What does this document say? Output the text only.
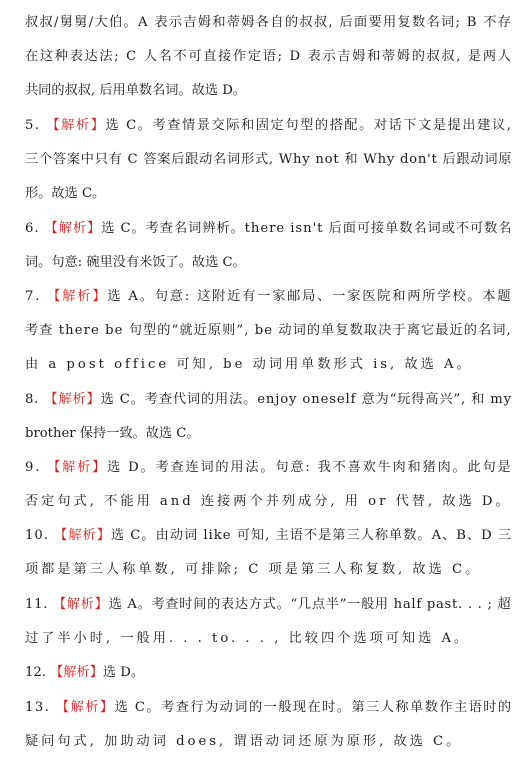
叔叔/舅舅/大伯。A 表示吉姆和蒂姆各自的叔叔, 后面要用复数名词; B 不存
在这种表达法; C 人名不可直接作定语; D 表示吉姆和蒂姆的叔叔, 是两人
共同的叔叔, 后用单数名词。故选 D。
5. 【解析】选 C。考查情景交际和固定句型的搭配。对话下文是提出建议,
三个答案中只有 C 答案后跟动名词形式, Why not 和 Why don't 后跟动词原
形。故选 C。
6. 【解析】选 C。考查名词辨析。there isn't 后面可接单数名词或不可数名
词。句意: 碗里没有米饭了。故选 C。
7. 【解析】选 A。句意: 这附近有一家邮局、一家医院和两所学校。本题
考查 there be 句型的“就近原则”, be 动词的单复数取决于离它最近的名词,
由 a post office 可知, be 动词用单数形式 is, 故选 A。
8. 【解析】选 C。考查代词的用法。enjoy oneself 意为“玩得高兴”, 和 my
brother 保持一致。故选 C。
9. 【解析】选 D。考查连词的用法。句意: 我不喜欢牛肉和猪肉。此句是
否定句式, 不能用 and 连接两个并列成分, 用 or 代替, 故选 D。
10. 【解析】选 C。由动词 like 可知, 主语不是第三人称单数。A、B、D 三
项都是第三人称单数, 可排除; C 项是第三人称复数, 故选 C。
11. 【解析】选 A。考查时间的表达方式。“几点半”一般用 half past. . . ; 超
过了半小时, 一般用. . . to. . . , 比较四个选项可知选 A。
12. 【解析】选 D。
13. 【解析】选 C。考查行为动词的一般现在时。第三人称单数作主语时的
疑问句式, 加助动词 does, 谓语动词还原为原形, 故选 C。
